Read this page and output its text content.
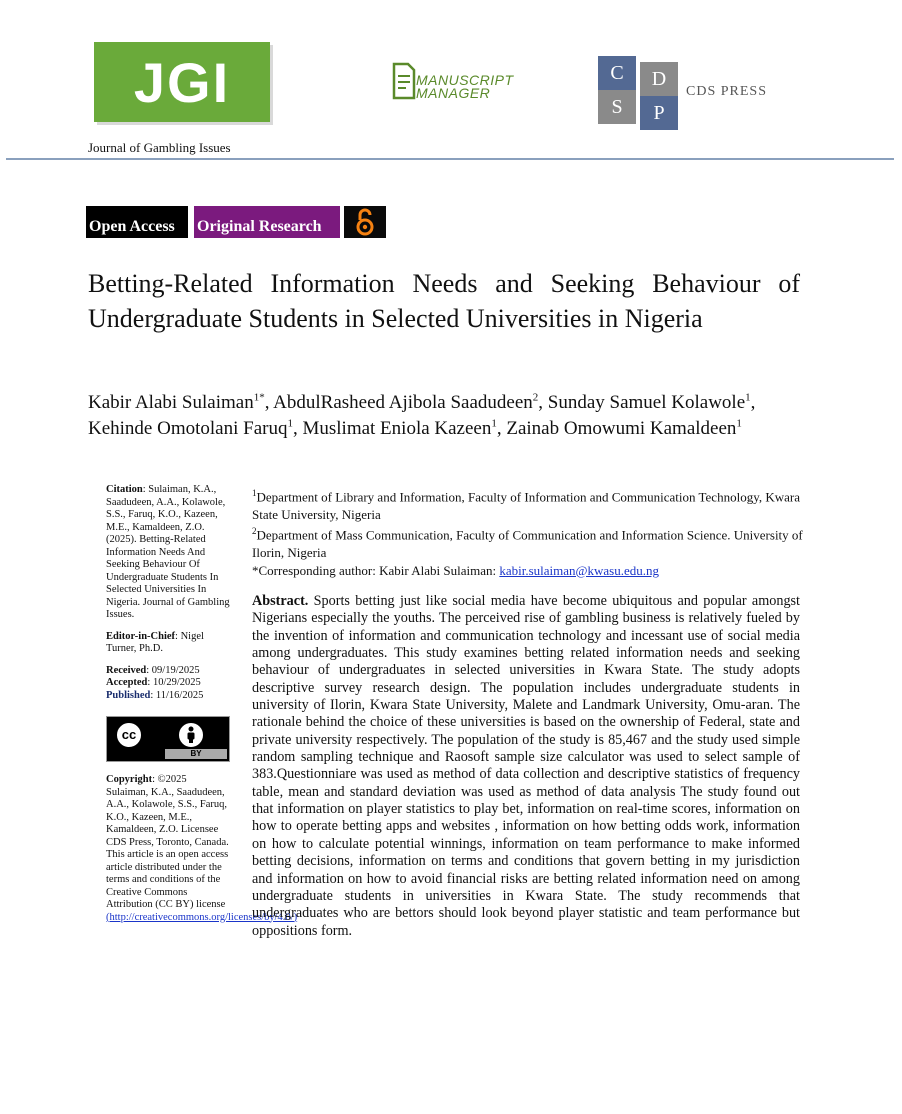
JGI	MANUSCRIPT
MANAGER
C	D
S	P
CDS PRESS
Journal of Gambling Issues
Open Access Original Research
Betting-Related Information Needs and Seeking Behaviour of Undergraduate Students in Selected Universities in Nigeria
Kabir Alabi Sulaiman$^{1*}$, AbdulRasheed Ajibola Saadudeen$^2$, Sunday Samuel Kolawole$^1$, Kehinde Omotolani Faruq$^1$, Muslimat Eniola Kazeen$^1$, Zainab Omowumi Kamaldeen$^1$

Citation: Sulaiman, K.A., Saadudeen, A.A., Kolawole, S.S., Faruq, K.O., Kazeen, M.E., Kamaldeen, Z.O. (2025). Betting-Related Information Needs And Seeking Behaviour Of Undergraduate Students In Selected Universities In Nigeria. Journal of Gambling Issues.

Editor-in-Chief: Nigel Turner, Ph.D.

Received: 09/19/2025

Accepted: 10/29/2025

Published: 11/16/2025

cc
BY

Copyright: ©2025 Sulaiman, K.A., Saadudeen, A.A., Kolawole, S.S., Faruq, K.O., Kazeen, M.E., Kamaldeen, Z.O. Licensee CDS Press, Toronto, Canada. This article is an open access article distributed under the terms and conditions of the Creative Commons Attribution (CC BY) license (http://creativecommons.org/licenses/by/4.0/)

$^1$Department of Library and Information, Faculty of Information and Communication Technology, Kwara State University, Nigeria

$^2$Department of Mass Communication, Faculty of Communication and Information Science. University of Ilorin, Nigeria

*Corresponding author: Kabir Alabi Sulaiman: kabir.sulaiman@kwasu.edu.ng

Abstract. Sports betting just like social media have become ubiquitous and popular amongst Nigerians especially the youths. The perceived rise of gambling business is relatively fueled by the invention of information and communication technology and incessant use of social media among undergraduates. This study examines betting related information needs and seeking behaviour of undergraduates in selected universities in Kwara State. The study adopts descriptive survey research design. The population includes undergraduate students in university of Ilorin, Kwara State University, Malete and Landmark University, Omu-aran. The rationale behind the choice of these universities is based on the ownership of Federal, state and private university respectively. The population of the study is 85,467 and the study used simple random sampling technique and Raosoft sample size calculator was used to select sample of 383.Questionniare was used as method of data collection and descriptive statistics of frequency table, mean and standard deviation was used as method of data analysis The study found out that information on player statistics to play bet, information on real-time scores, information on how to operate betting apps and websites , information on how betting odds work, information on how to calculate potential winnings, information on team performance to make informed betting decisions, information on terms and conditions that govern betting in my jurisdiction and information on how to avoid financial risks are betting related information need on among undergraduate students in universities in Kwara State. The study recommends that undergraduates who are bettors should look beyond player statistic and team performance but oppositions form.
